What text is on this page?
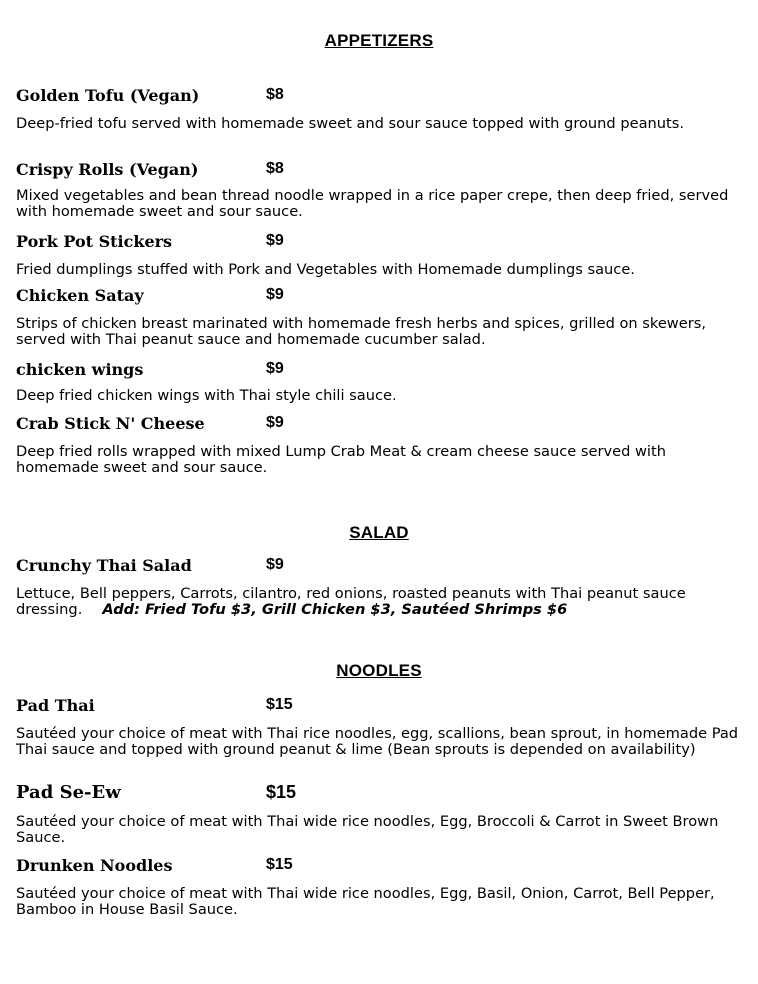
APPETIZERS
Golden Tofu (Vegan)	$8
Deep-fried tofu served with homemade sweet and sour sauce topped with ground peanuts.
Crispy Rolls (Vegan)	$8
Mixed vegetables and bean thread noodle wrapped in a rice paper crepe, then deep fried, served with homemade sweet and sour sauce.
Pork Pot Stickers	$9
Fried dumplings stuffed with Pork and Vegetables with Homemade dumplings sauce.
Chicken Satay	$9
Strips of chicken breast marinated with homemade fresh herbs and spices, grilled on skewers, served with Thai peanut sauce and homemade cucumber salad.
chicken wings	$9
Deep fried chicken wings with Thai style chili sauce.
Crab Stick N' Cheese	$9
Deep fried rolls wrapped with mixed Lump Crab Meat & cream cheese sauce served with homemade sweet and sour sauce.
SALAD
Crunchy Thai Salad	$9
Lettuce, Bell peppers, Carrots, cilantro, red onions, roasted peanuts with Thai peanut sauce dressing. Add: Fried Tofu $3, Grill Chicken $3, Sautéed Shrimps $6
NOODLES
Pad Thai	$15
Sautéed your choice of meat with Thai rice noodles, egg, scallions, bean sprout, in homemade Pad Thai sauce and topped with ground peanut & lime (Bean sprouts is depended on availability)
Pad Se-Ew	$15
Sautéed your choice of meat with Thai wide rice noodles, Egg, Broccoli & Carrot in Sweet Brown Sauce.
Drunken Noodles	$15
Sautéed your choice of meat with Thai wide rice noodles, Egg, Basil, Onion, Carrot, Bell Pepper, Bamboo in House Basil Sauce.
